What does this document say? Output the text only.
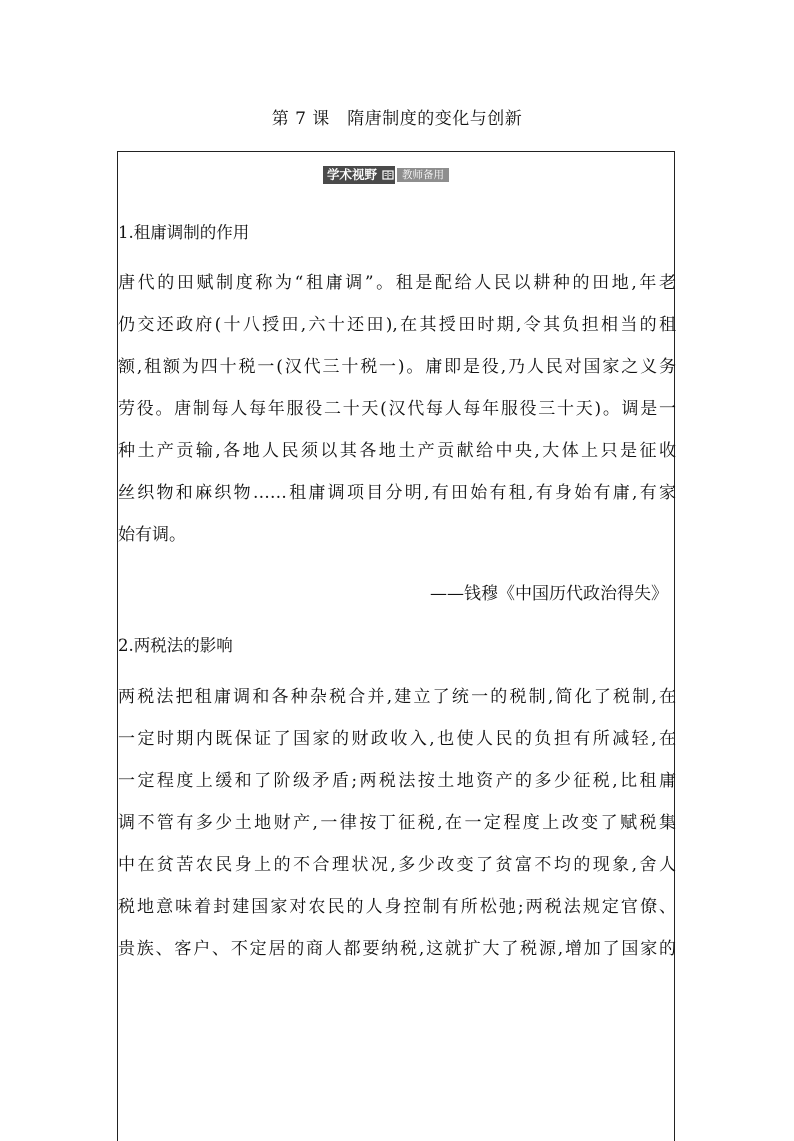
第 7 课　隋唐制度的变化与创新
学术视野	教师备用
1.租庸调制的作用
唐代的田赋制度称为“租庸调”。租是配给人民以耕种的田地,年老
仍交还政府(十八授田,六十还田),在其授田时期,令其负担相当的租
额,租额为四十税一(汉代三十税一)。庸即是役,乃人民对国家之义务
劳役。唐制每人每年服役二十天(汉代每人每年服役三十天)。调是一
种土产贡输,各地人民须以其各地土产贡献给中央,大体上只是征收
丝织物和麻织物……租庸调项目分明,有田始有租,有身始有庸,有家
始有调。
——钱穆《中国历代政治得失》
2.两税法的影响
两税法把租庸调和各种杂税合并,建立了统一的税制,简化了税制,在
一定时期内既保证了国家的财政收入,也使人民的负担有所减轻,在
一定程度上缓和了阶级矛盾;两税法按土地资产的多少征税,比租庸
调不管有多少土地财产,一律按丁征税,在一定程度上改变了赋税集
中在贫苦农民身上的不合理状况,多少改变了贫富不均的现象,舍人
税地意味着封建国家对农民的人身控制有所松弛;两税法规定官僚、
贵族、客户、不定居的商人都要纳税,这就扩大了税源,增加了国家的
